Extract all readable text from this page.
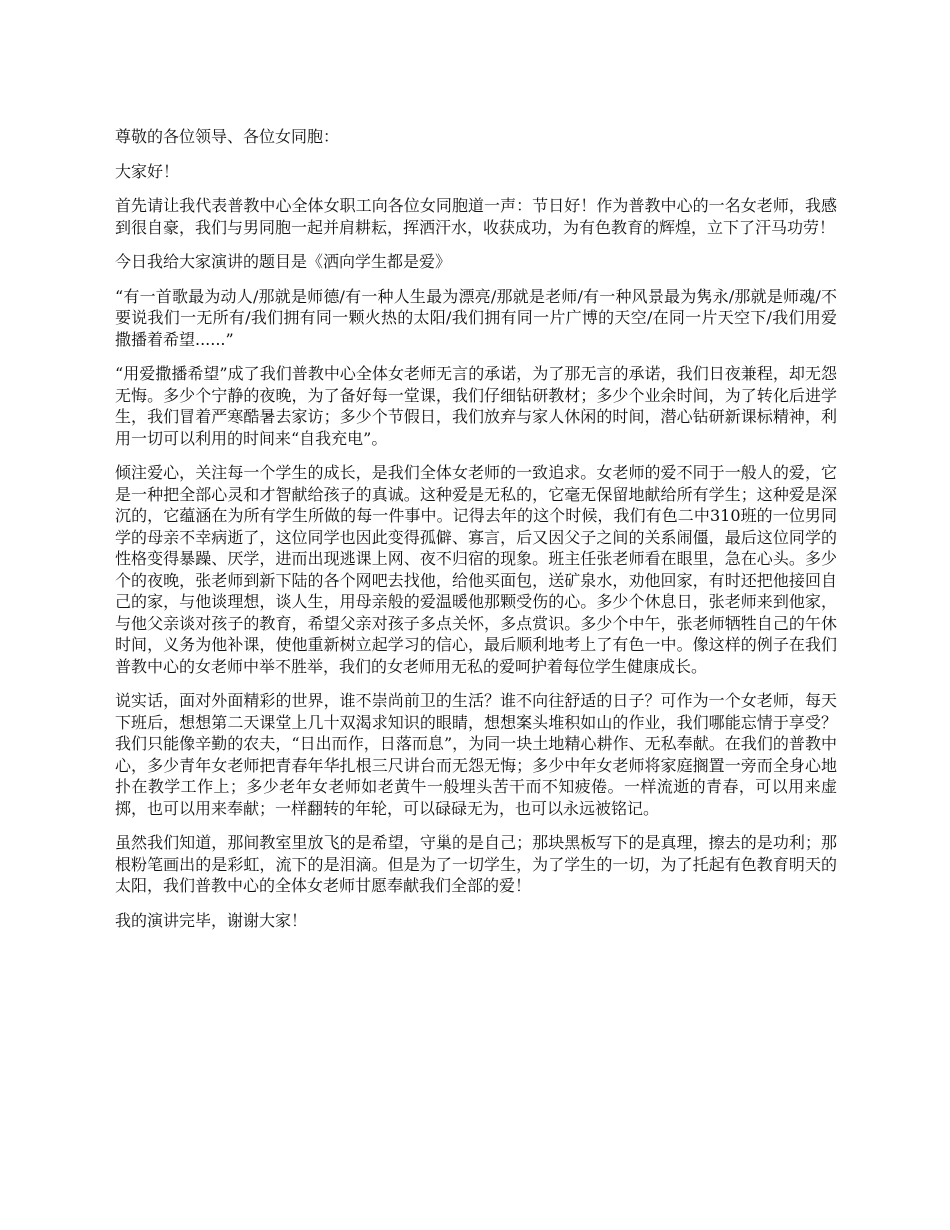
尊敬的各位领导、各位女同胞：

大家好！

首先请让我代表普教中心全体女职工向各位女同胞道一声：节日好！作为普教中心的一名女老师，我感到很自豪，我们与男同胞一起并肩耕耘，挥洒汗水，收获成功，为有色教育的辉煌，立下了汗马功劳！

今日我给大家演讲的题目是《洒向学生都是爱》

“有一首歌最为动人/那就是师德/有一种人生最为漂亮/那就是老师/有一种风景最为隽永/那就是师魂/不要说我们一无所有/我们拥有同一颗火热的太阳/我们拥有同一片广博的天空/在同一片天空下/我们用爱撒播着希望......”

“用爱撒播希望”成了我们普教中心全体女老师无言的承诺，为了那无言的承诺，我们日夜兼程，却无怨无悔。多少个宁静的夜晚，为了备好每一堂课，我们仔细钻研教材；多少个业余时间，为了转化后进学生，我们冒着严寒酷暑去家访；多少个节假日，我们放弃与家人休闲的时间，潜心钻研新课标精神，利用一切可以利用的时间来“自我充电”。

倾注爱心，关注每一个学生的成长，是我们全体女老师的一致追求。女老师的爱不同于一般人的爱，它是一种把全部心灵和才智献给孩子的真诚。这种爱是无私的，它毫无保留地献给所有学生；这种爱是深沉的，它蕴涵在为所有学生所做的每一件事中。记得去年的这个时候，我们有色二中310班的一位男同学的母亲不幸病逝了，这位同学也因此变得孤僻、寡言，后又因父子之间的关系闹僵，最后这位同学的性格变得暴躁、厌学，进而出现逃课上网、夜不归宿的现象。班主任张老师看在眼里，急在心头。多少个的夜晚，张老师到新下陆的各个网吧去找他，给他买面包，送矿泉水，劝他回家，有时还把他接回自己的家，与他谈理想，谈人生，用母亲般的爱温暖他那颗受伤的心。多少个休息日，张老师来到他家，与他父亲谈对孩子的教育，希望父亲对孩子多点关怀，多点赏识。多少个中午，张老师牺牲自己的午休时间，义务为他补课，使他重新树立起学习的信心，最后顺利地考上了有色一中。像这样的例子在我们普教中心的女老师中举不胜举，我们的女老师用无私的爱呵护着每位学生健康成长。

说实话，面对外面精彩的世界，谁不崇尚前卫的生活？谁不向往舒适的日子？可作为一个女老师，每天下班后，想想第二天课堂上几十双渴求知识的眼睛，想想案头堆积如山的作业，我们哪能忘情于享受？我们只能像辛勤的农夫，“日出而作，日落而息”，为同一块土地精心耕作、无私奉献。在我们的普教中心，多少青年女老师把青春年华扎根三尺讲台而无怨无悔；多少中年女老师将家庭搁置一旁而全身心地扑在教学工作上；多少老年女老师如老黄牛一般埋头苦干而不知疲倦。一样流逝的青春，可以用来虚掷，也可以用来奉献；一样翻转的年轮，可以碌碌无为，也可以永远被铭记。

虽然我们知道，那间教室里放飞的是希望，守巢的是自己；那块黑板写下的是真理，擦去的是功利；那根粉笔画出的是彩虹，流下的是泪滴。但是为了一切学生，为了学生的一切，为了托起有色教育明天的太阳，我们普教中心的全体女老师甘愿奉献我们全部的爱！

我的演讲完毕，谢谢大家！
